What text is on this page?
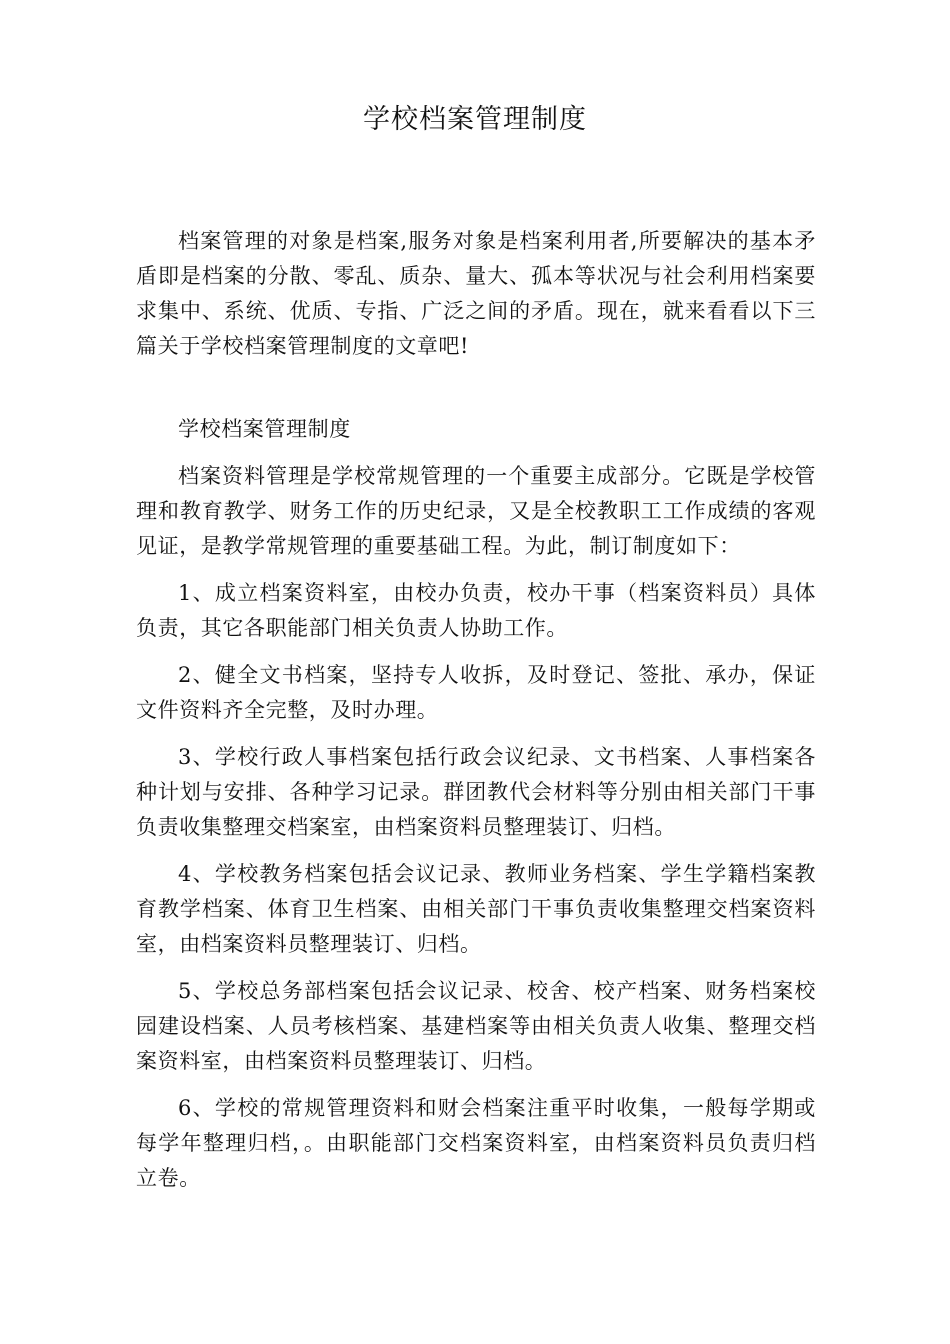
学校档案管理制度

档案管理的对象是档案,服务对象是档案利用者,所要解决的基本矛盾即是档案的分散、零乱、质杂、量大、孤本等状况与社会利用档案要求集中、系统、优质、专指、广泛之间的矛盾。现在，就来看看以下三篇关于学校档案管理制度的文章吧!

学校档案管理制度

档案资料管理是学校常规管理的一个重要主成部分。它既是学校管理和教育教学、财务工作的历史纪录，又是全校教职工工作成绩的客观见证，是教学常规管理的重要基础工程。为此，制订制度如下：

1、成立档案资料室，由校办负责，校办干事（档案资料员）具体负责，其它各职能部门相关负责人协助工作。

2、健全文书档案，坚持专人收拆，及时登记、签批、承办，保证文件资料齐全完整，及时办理。

3、学校行政人事档案包括行政会议纪录、文书档案、人事档案各种计划与安排、各种学习记录。群团教代会材料等分别由相关部门干事负责收集整理交档案室，由档案资料员整理装订、归档。

4、学校教务档案包括会议记录、教师业务档案、学生学籍档案教育教学档案、体育卫生档案、由相关部门干事负责收集整理交档案资料室，由档案资料员整理装订、归档。

5、学校总务部档案包括会议记录、校舍、校产档案、财务档案校园建设档案、人员考核档案、基建档案等由相关负责人收集、整理交档案资料室，由档案资料员整理装订、归档。

6、学校的常规管理资料和财会档案注重平时收集，一般每学期或每学年整理归档，。由职能部门交档案资料室，由档案资料员负责归档立卷。
